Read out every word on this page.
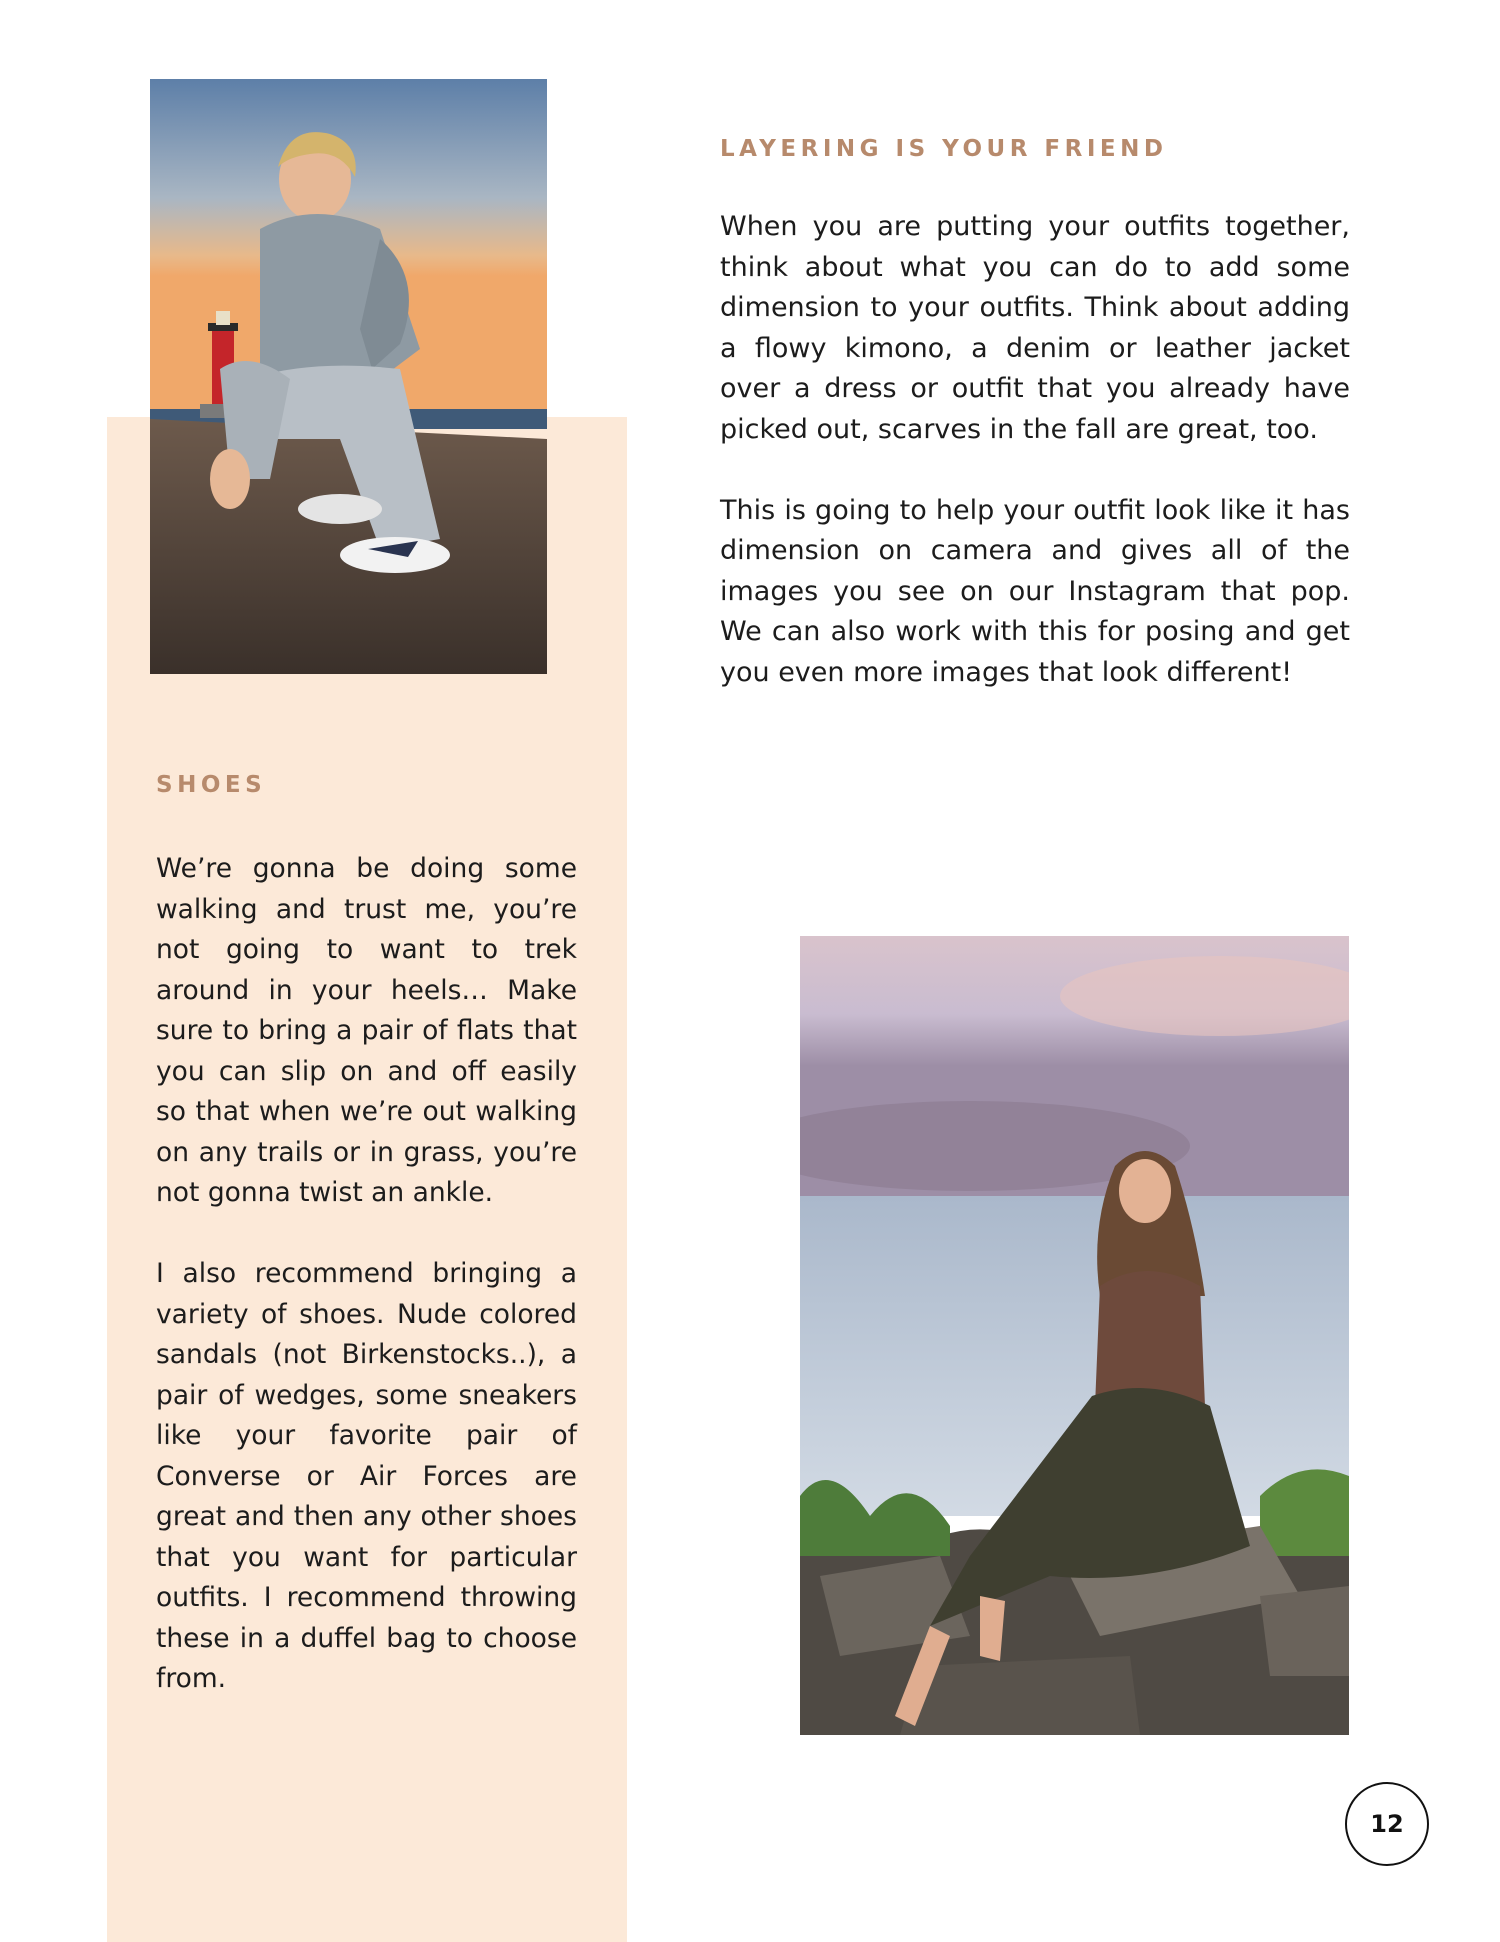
LAYERING IS YOUR FRIEND

When you are putting your outfits together, think about what you can do to add some dimension to your outfits. Think about adding a flowy kimono, a denim or leather jacket over a dress or outfit that you already have picked out, scarves in the fall are great, too.

This is going to help your outfit look like it has dimension on camera and gives all of the images you see on our Instagram that pop. We can also work with this for posing and get you even more images that look different!

SHOES

We’re gonna be doing some walking and trust me, you’re not going to want to trek around in your heels… Make sure to bring a pair of flats that you can slip on and off easily so that when we’re out walking on any trails or in grass, you’re not gonna twist an ankle.

I also recommend bringing a variety of shoes. Nude colored sandals (not Birkenstocks..), a pair of wedges, some sneakers like your favorite pair of Converse or Air Forces are great and then any other shoes that you want for particular outfits. I recommend throwing these in a duffel bag to choose from.

12
